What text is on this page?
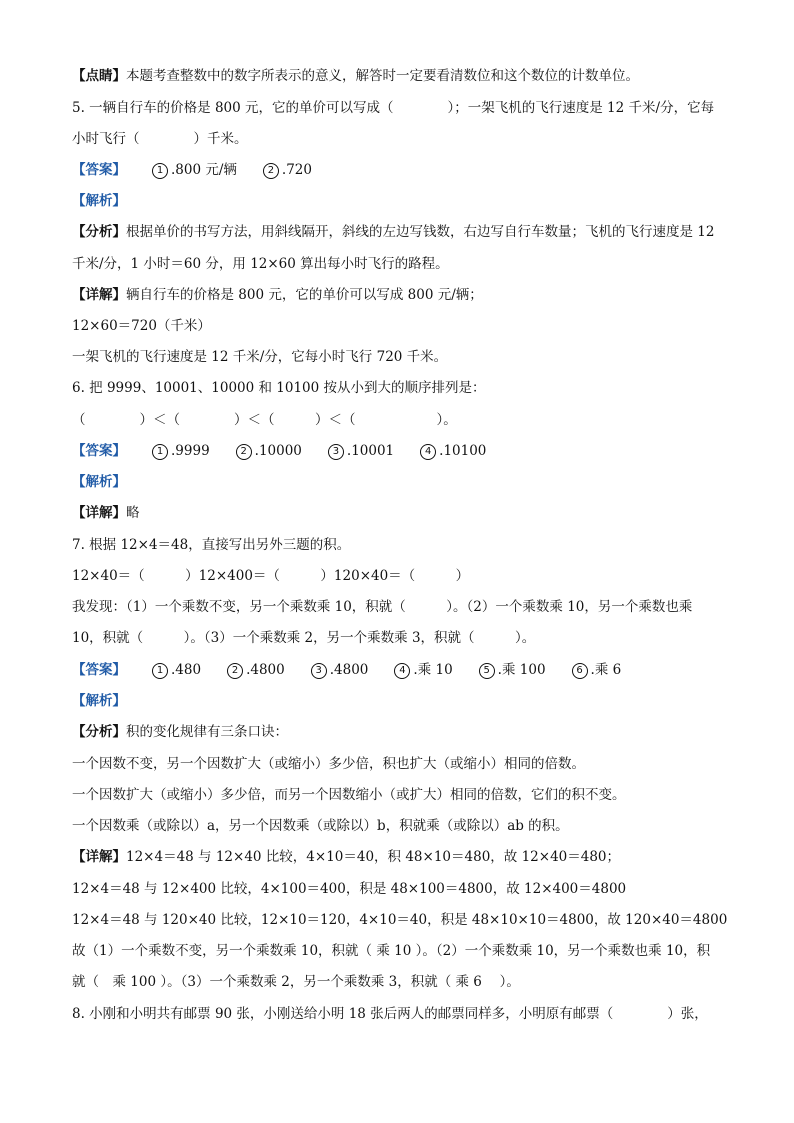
【点睛】本题考查整数中的数字所表示的意义，解答时一定要看清数位和这个数位的计数单位。
5. 一辆自行车的价格是 800 元，它的单价可以写成（　　　　）；一架飞机的飞行速度是 12 千米/分，它每
小时飞行（　　　　）千米。
【答案】	1 .800 元/辆	2 .720
【解析】
【分析】根据单价的书写方法，用斜线隔开，斜线的左边写钱数，右边写自行车数量；飞机的飞行速度是 12
千米/分，1 小时＝60 分，用 12×60 算出每小时飞行的路程。
【详解】辆自行车的价格是 800 元，它的单价可以写成 800 元/辆；
12×60＝720（千米）
一架飞机的飞行速度是 12 千米/分，它每小时飞行 720 千米。
6. 把 9999、10001、10000 和 10100 按从小到大的顺序排列是：
（　　　　）＜（　　　　）＜（　　　）＜（　　　　　　）。
【答案】	1 .9999	2 .10000	3 .10001	4 .10100
【解析】
【详解】略
7. 根据 12×4＝48，直接写出另外三题的积。
12×40＝（　　　）12×400＝（　　　）120×40＝（　　　）
我发现：（1）一个乘数不变，另一个乘数乘 10，积就（　　　）。（2）一个乘数乘 10，另一个乘数也乘
10，积就（　　　）。（3）一个乘数乘 2，另一个乘数乘 3，积就（　　　）。
【答案】	1 .480	2 .4800	3 .4800	4 .乘 10	5 .乘 100	6 .乘 6
【解析】
【分析】积的变化规律有三条口诀：
一个因数不变，另一个因数扩大（或缩小）多少倍，积也扩大（或缩小）相同的倍数。
一个因数扩大（或缩小）多少倍，而另一个因数缩小（或扩大）相同的倍数，它们的积不变。
一个因数乘（或除以）a，另一个因数乘（或除以）b，积就乘（或除以）ab 的积。
【详解】12×4＝48 与 12×40 比较，4×10＝40，积 48×10＝480，故 12×40＝480；
12×4＝48 与 12×400 比较，4×100＝400，积是 48×100＝4800，故 12×400＝4800
12×4＝48 与 120×40 比较，12×10＝120，4×10＝40，积是 48×10×10＝4800，故 120×40＝4800
故（1）一个乘数不变，另一个乘数乘 10，积就（ 乘 10 ）。（2）一个乘数乘 10，另一个乘数也乘 10，积
就（　乘 100 ）。（3）一个乘数乘 2，另一个乘数乘 3，积就（ 乘 6 　）。
8. 小刚和小明共有邮票 90 张，小刚送给小明 18 张后两人的邮票同样多，小明原有邮票（　　　　）张，
